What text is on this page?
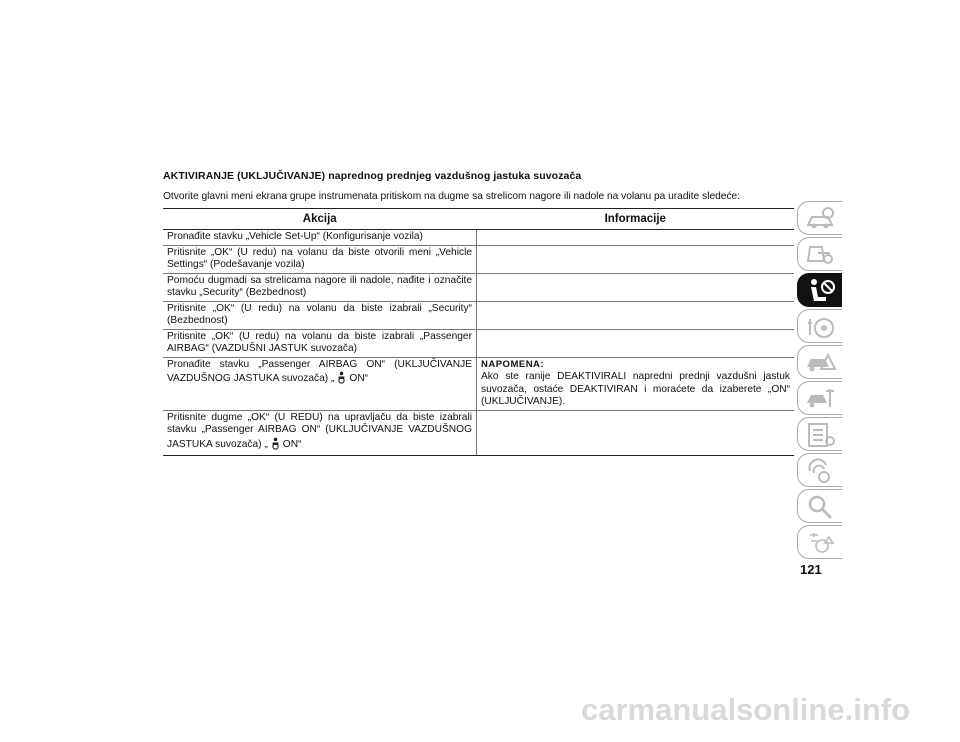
AKTIVIRANJE (UKLJUČIVANJE) naprednog prednjeg vazdušnog jastuka suvozača
Otvorite glavni meni ekrana grupe instrumenata pritiskom na dugme sa strelicom nagore ili nadole na volanu pa uradite sledeće:
Akcija	Informacije
Pronađite stavku „Vehicle Set-Up“ (Konfigurisanje vozila)	
Pritisnite „OK“ (U redu) na volanu da biste otvorili meni „Vehicle Settings“ (Podešavanje vozila)	
Pomoću dugmadi sa strelicama nagore ili nadole, nađite i označite stavku „Security“ (Bezbednost)	
Pritisnite „OK“ (U redu) na volanu da biste izabrali „Security“ (Bezbednost)	
Pritisnite „OK“ (U redu) na volanu da biste izabrali „Passenger AIRBAG“ (VAZDUŠNI JASTUK suvozača)	
Pronađite stavku „Passenger AIRBAG ON“ (UKLJUČIVANJE VAZDUŠNOG JASTUKA suvozača) „ ON“	NAPOMENA:
Ako ste ranije DEAKTIVIRALI napredni prednji vazdušni jastuk suvozača, ostaće DEAKTIVIRAN i moraćete da izaberete „ON“ (UKLJUČIVANJE).
Pritisnite dugme „OK“ (U REDU) na upravljaču da biste izabrali stavku „Passenger AIRBAG ON“ (UKLJUČIVANJE VAZDUŠNOG JASTUKA suvozača) „ ON“	
121
carmanualsonline.info
